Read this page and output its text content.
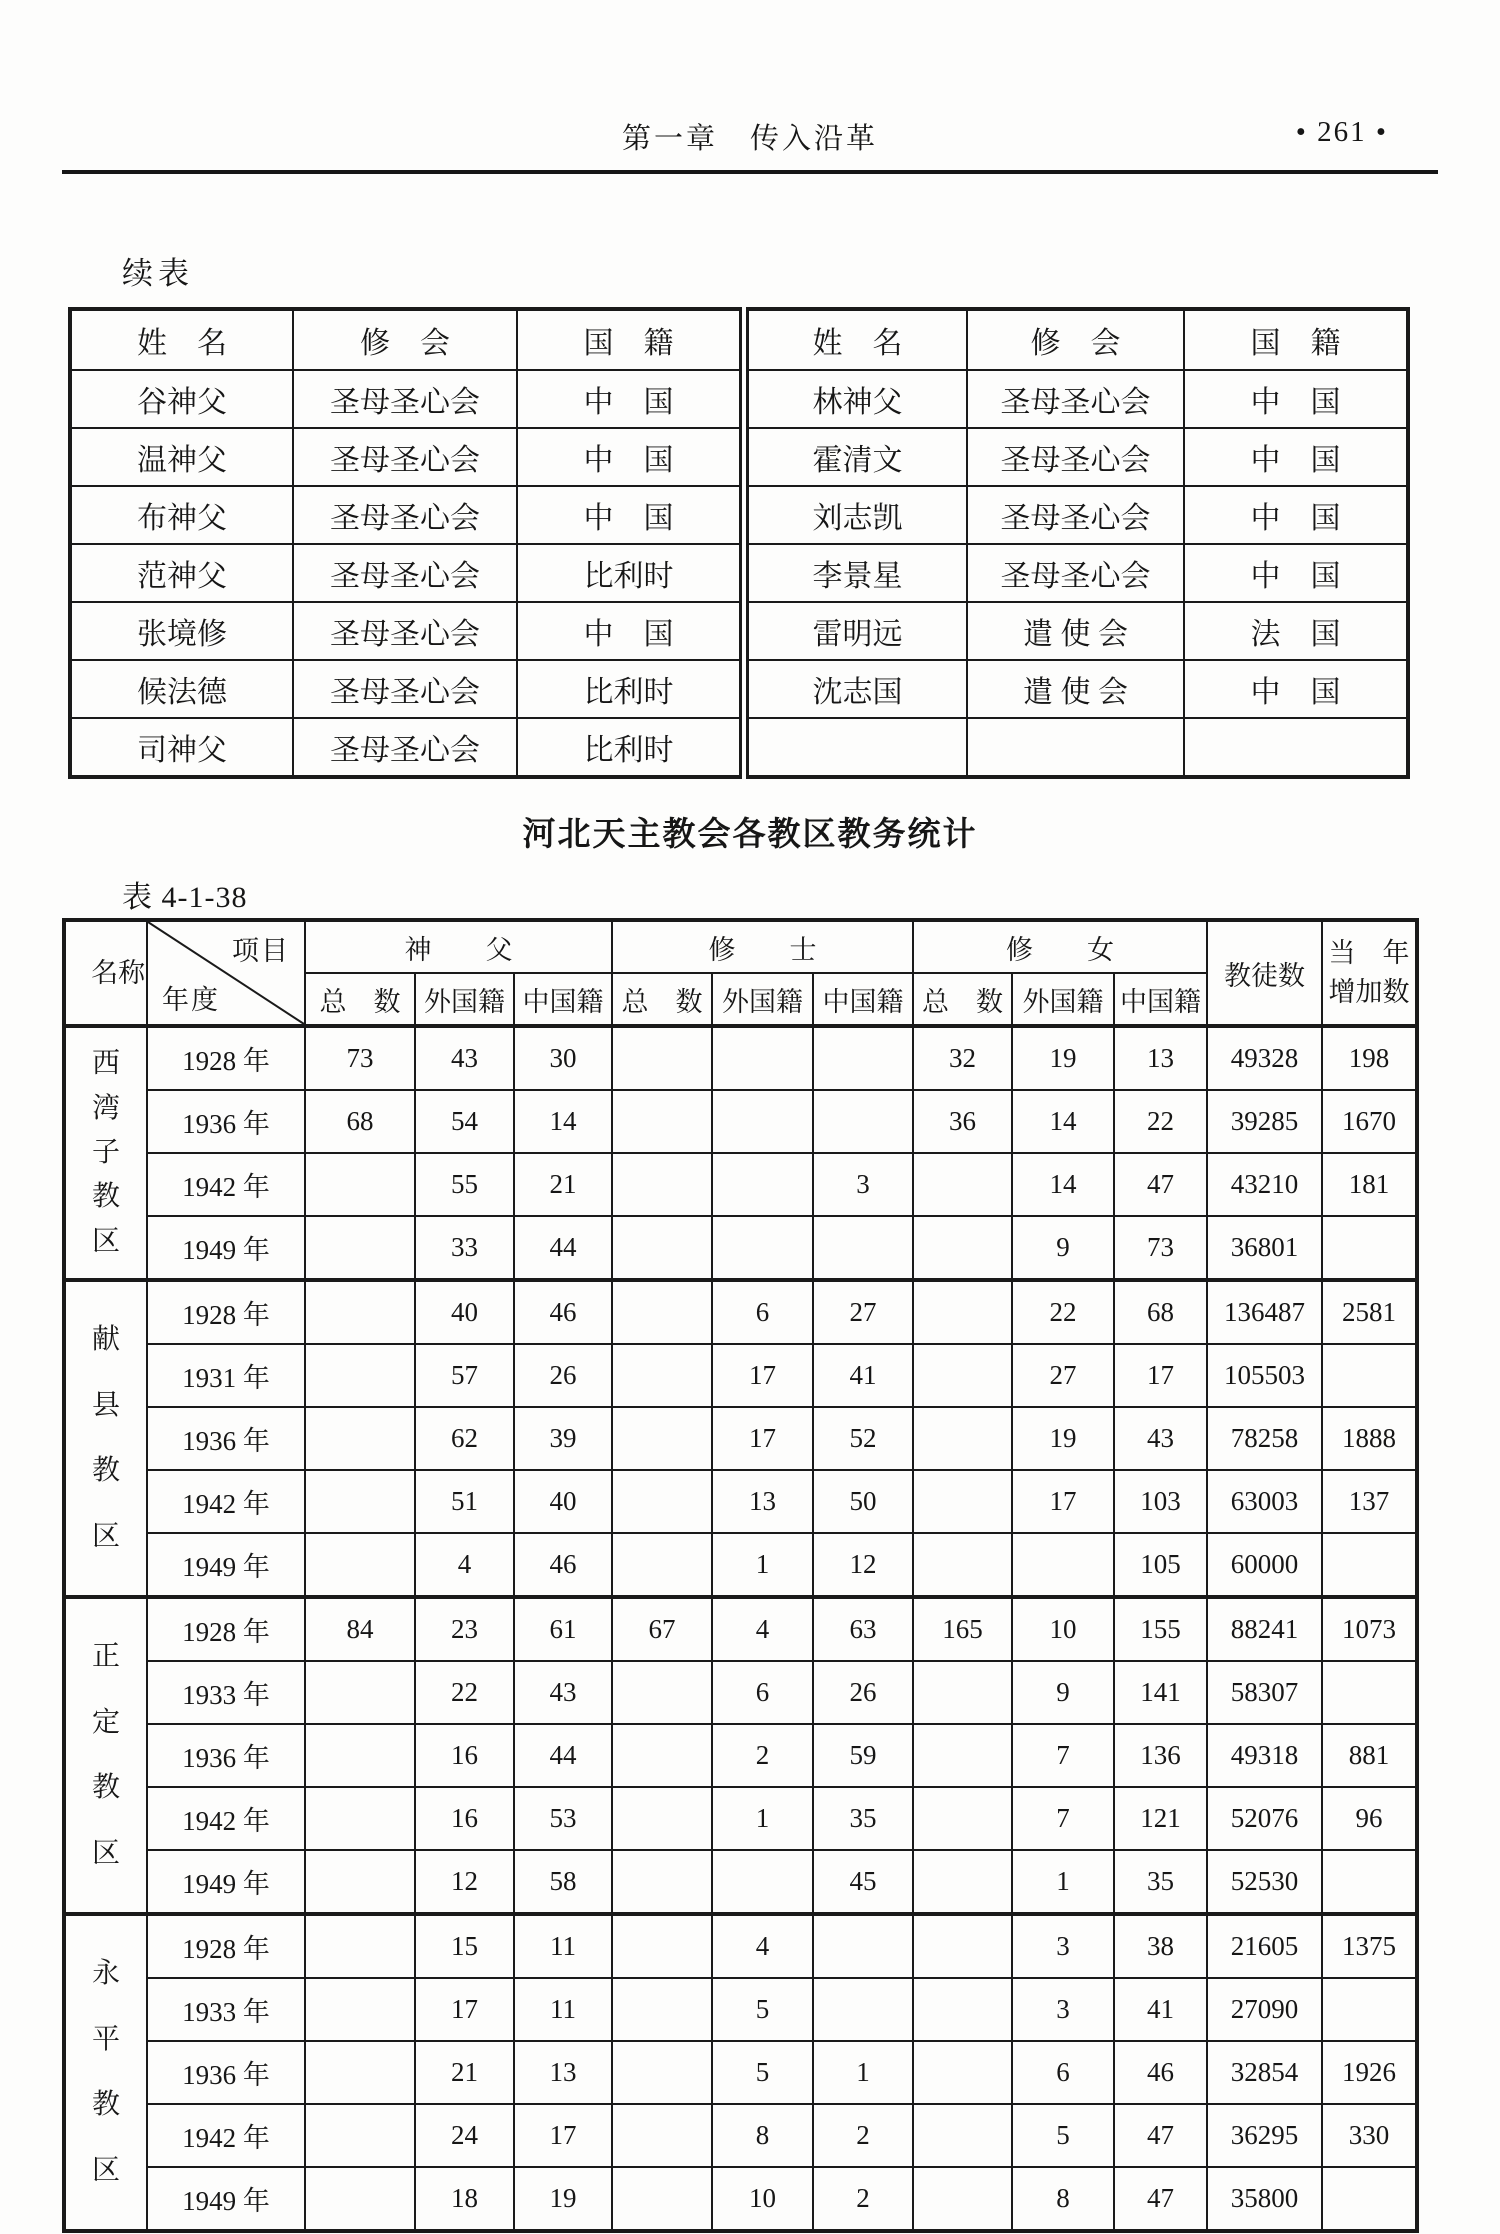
第一章　传入沿革	• 261 •
续表
姓　名	修　会	国　籍	姓　名	修　会	国　籍
谷神父	圣母圣心会	中　国	林神父	圣母圣心会	中　国
温神父	圣母圣心会	中　国	霍清文	圣母圣心会	中　国
布神父	圣母圣心会	中　国	刘志凯	圣母圣心会	中　国
范神父	圣母圣心会	比利时	李景星	圣母圣心会	中　国
张境修	圣母圣心会	中　国	雷明远	遣 使 会	法　国
候法德	圣母圣心会	比利时	沈志国	遣 使 会	中　国
司神父	圣母圣心会	比利时			
河北天主教会各教区教务统计
表 4-1-38
名称

项目
年度
	神　　父	修　　士	修　　女	教徒数	
当　年
增加数

		总　数	外国籍	中国籍	总　数	外国籍	中国籍	总　数	外国籍	中国籍		

西
湾
子
教
区	1928 年	73	43	30				32	19	13	49328	198
	1936 年	68	54	14				36	14	22	39285	1670
	1942 年		55	21			3		14	47	43210	181
	1949 年		33	44					9	73	36801	

献
县
教
区	1928 年		40	46		6	27		22	68	136487	2581
	1931 年		57	26		17	41		27	17	105503	
	1936 年		62	39		17	52		19	43	78258	1888
	1942 年		51	40		13	50		17	103	63003	137
	1949 年		4	46		1	12			105	60000	

正
定
教
区	1928 年	84	23	61	67	4	63	165	10	155	88241	1073
	1933 年		22	43		6	26		9	141	58307	
	1936 年		16	44		2	59		7	136	49318	881
	1942 年		16	53		1	35		7	121	52076	96
	1949 年		12	58			45		1	35	52530	

永
平
教
区	1928 年		15	11		4			3	38	21605	1375
	1933 年		17	11		5			3	41	27090	
	1936 年		21	13		5	1		6	46	32854	1926
	1942 年		24	17		8	2		5	47	36295	330
	1949 年		18	19		10	2		8	47	35800	
